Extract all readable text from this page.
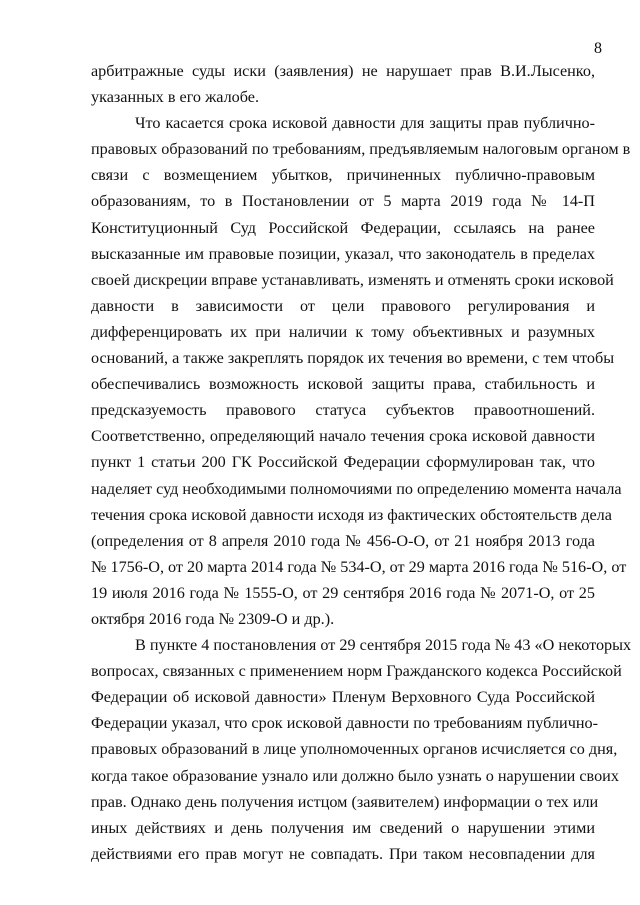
8
арбитражные суды иски (заявления) не нарушает прав В.И.Лысенко,
указанных в его жалобе.
Что касается срока исковой давности для защиты прав публично-
правовых образований по требованиям, предъявляемым налоговым органом в
связи с возмещением убытков, причиненных публично-правовым
образованиям, то в Постановлении от 5 марта 2019 года № 14-П
Конституционный Суд Российской Федерации, ссылаясь на ранее
высказанные им правовые позиции, указал, что законодатель в пределах
своей дискреции вправе устанавливать, изменять и отменять сроки исковой
давности в зависимости от цели правового регулирования и
дифференцировать их при наличии к тому объективных и разумных
оснований, а также закреплять порядок их течения во времени, с тем чтобы
обеспечивались возможность исковой защиты права, стабильность и
предсказуемость правового статуса субъектов правоотношений.
Соответственно, определяющий начало течения срока исковой давности
пункт 1 статьи 200 ГК Российской Федерации сформулирован так, что
наделяет суд необходимыми полномочиями по определению момента начала
течения срока исковой давности исходя из фактических обстоятельств дела
(определения от 8 апреля 2010 года № 456-О-О, от 21 ноября 2013 года
№ 1756-О, от 20 марта 2014 года № 534-О, от 29 марта 2016 года № 516-О, от
19 июля 2016 года № 1555-О, от 29 сентября 2016 года № 2071-О, от 25
октября 2016 года № 2309-О и др.).
В пункте 4 постановления от 29 сентября 2015 года № 43 «О некоторых
вопросах, связанных с применением норм Гражданского кодекса Российской
Федерации об исковой давности» Пленум Верховного Суда Российской
Федерации указал, что срок исковой давности по требованиям публично-
правовых образований в лице уполномоченных органов исчисляется со дня,
когда такое образование узнало или должно было узнать о нарушении своих
прав. Однако день получения истцом (заявителем) информации о тех или
иных действиях и день получения им сведений о нарушении этими
действиями его прав могут не совпадать. При таком несовпадении для
